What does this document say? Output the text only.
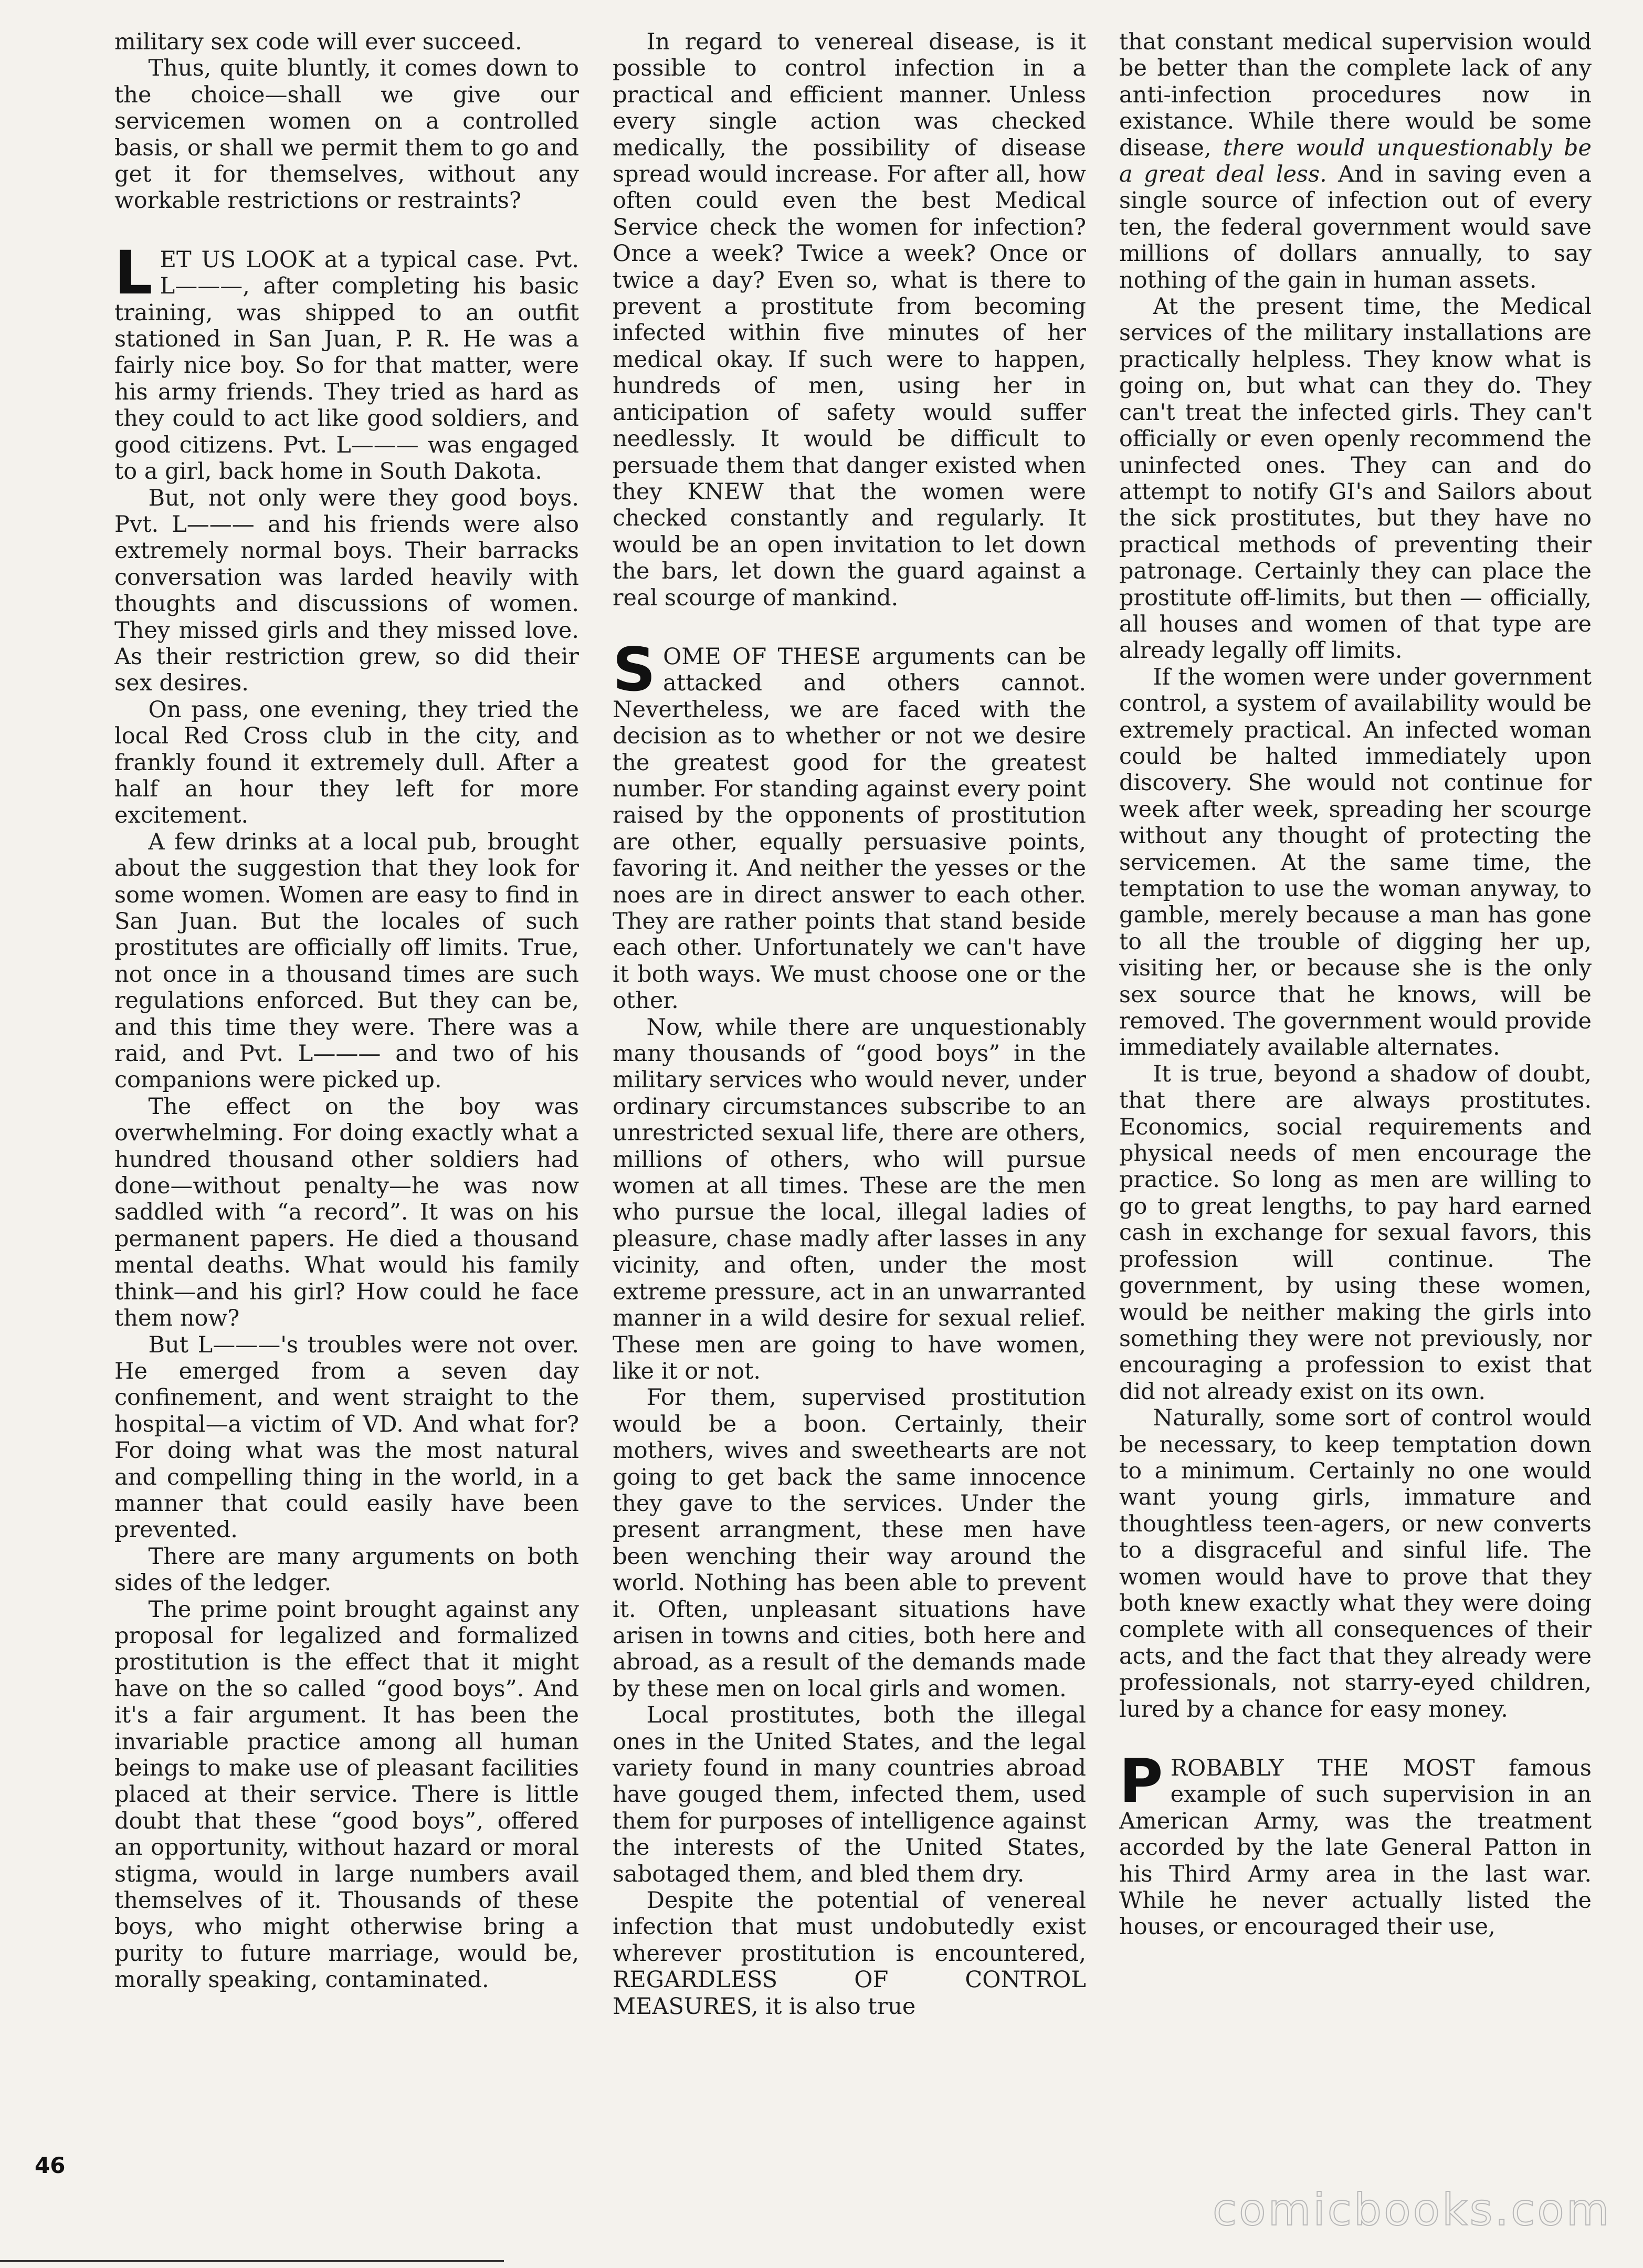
military sex code will ever succeed.

Thus, quite bluntly, it comes down to the choice—shall we give our servicemen women on a controlled basis, or shall we permit them to go and get it for themselves, without any workable restrictions or restraints?

LET US LOOK at a typical case. Pvt. L———, after completing his basic training, was shipped to an outfit stationed in San Juan, P. R. He was a fairly nice boy. So for that matter, were his army friends. They tried as hard as they could to act like good soldiers, and good citizens. Pvt. L——— was engaged to a girl, back home in South Dakota.

But, not only were they good boys. Pvt. L——— and his friends were also extremely normal boys. Their barracks conversation was larded heavily with thoughts and discussions of women. They missed girls and they missed love. As their restriction grew, so did their sex desires.

On pass, one evening, they tried the local Red Cross club in the city, and frankly found it extremely dull. After a half an hour they left for more excitement.

A few drinks at a local pub, brought about the suggestion that they look for some women. Women are easy to find in San Juan. But the locales of such prostitutes are officially off limits. True, not once in a thousand times are such regulations enforced. But they can be, and this time they were. There was a raid, and Pvt. L——— and two of his companions were picked up.

The effect on the boy was overwhelming. For doing exactly what a hundred thousand other soldiers had done—without penalty—he was now saddled with “a record”. It was on his permanent papers. He died a thousand mental deaths. What would his family think—and his girl? How could he face them now?

But L———'s troubles were not over. He emerged from a seven day confinement, and went straight to the hospital—a victim of VD. And what for? For doing what was the most natural and compelling thing in the world, in a manner that could easily have been prevented.

There are many arguments on both sides of the ledger.

The prime point brought against any proposal for legalized and formalized prostitution is the effect that it might have on the so called “good boys”. And it's a fair argument. It has been the invariable practice among all human beings to make use of pleasant facilities placed at their service. There is little doubt that these “good boys”, offered an opportunity, without hazard or moral stigma, would in large numbers avail themselves of it. Thousands of these boys, who might otherwise bring a purity to future marriage, would be, morally speaking, contaminated.

In regard to venereal disease, is it possible to control infection in a practical and efficient manner. Unless every single action was checked medically, the possibility of disease spread would increase. For after all, how often could even the best Medical Service check the women for infection? Once a week? Twice a week? Once or twice a day? Even so, what is there to prevent a prostitute from becoming infected within five minutes of her medical okay. If such were to happen, hundreds of men, using her in anticipation of safety would suffer needlessly. It would be difficult to persuade them that danger existed when they KNEW that the women were checked constantly and regularly. It would be an open invitation to let down the bars, let down the guard against a real scourge of mankind.

SOME OF THESE arguments can be attacked and others cannot. Nevertheless, we are faced with the decision as to whether or not we desire the greatest good for the greatest number. For standing against every point raised by the opponents of prostitution are other, equally persuasive points, favoring it. And neither the yesses or the noes are in direct answer to each other. They are rather points that stand beside each other. Unfortunately we can't have it both ways. We must choose one or the other.

Now, while there are unquestionably many thousands of “good boys” in the military services who would never, under ordinary circumstances subscribe to an unrestricted sexual life, there are others, millions of others, who will pursue women at all times. These are the men who pursue the local, illegal ladies of pleasure, chase madly after lasses in any vicinity, and often, under the most extreme pressure, act in an unwarranted manner in a wild desire for sexual relief. These men are going to have women, like it or not.

For them, supervised prostitution would be a boon. Certainly, their mothers, wives and sweethearts are not going to get back the same innocence they gave to the services. Under the present arrangment, these men have been wenching their way around the world. Nothing has been able to prevent it. Often, unpleasant situations have arisen in towns and cities, both here and abroad, as a result of the demands made by these men on local girls and women.

Local prostitutes, both the illegal ones in the United States, and the legal variety found in many countries abroad have gouged them, infected them, used them for purposes of intelligence against the interests of the United States, sabotaged them, and bled them dry.

Despite the potential of venereal infection that must undobutedly exist wherever prostitution is encountered, REGARDLESS OF CONTROL MEASURES, it is also true

that constant medical supervision would be better than the complete lack of any anti-infection procedures now in existance. While there would be some disease, there would unquestionably be a great deal less. And in saving even a single source of infection out of every ten, the federal government would save millions of dollars annually, to say nothing of the gain in human assets.

At the present time, the Medical services of the military installations are practically helpless. They know what is going on, but what can they do. They can't treat the infected girls. They can't officially or even openly recommend the uninfected ones. They can and do attempt to notify GI's and Sailors about the sick prostitutes, but they have no practical methods of preventing their patronage. Certainly they can place the prostitute off-limits, but then — officially, all houses and women of that type are already legally off limits.

If the women were under government control, a system of availability would be extremely practical. An infected woman could be halted immediately upon discovery. She would not continue for week after week, spreading her scourge without any thought of protecting the servicemen. At the same time, the temptation to use the woman anyway, to gamble, merely because a man has gone to all the trouble of digging her up, visiting her, or because she is the only sex source that he knows, will be removed. The government would provide immediately available alternates.

It is true, beyond a shadow of doubt, that there are always prostitutes. Economics, social requirements and physical needs of men encourage the practice. So long as men are willing to go to great lengths, to pay hard earned cash in exchange for sexual favors, this profession will continue. The government, by using these women, would be neither making the girls into something they were not previously, nor encouraging a profession to exist that did not already exist on its own.

Naturally, some sort of control would be necessary, to keep temptation down to a minimum. Certainly no one would want young girls, immature and thoughtless teen-agers, or new converts to a disgraceful and sinful life. The women would have to prove that they both knew exactly what they were doing complete with all consequences of their acts, and the fact that they already were professionals, not starry-eyed children, lured by a chance for easy money.

PROBABLY THE MOST famous example of such supervision in an American Army, was the treatment accorded by the late General Patton in his Third Army area in the last war. While he never actually listed the houses, or encouraged their use,

46
comicbooks.com
